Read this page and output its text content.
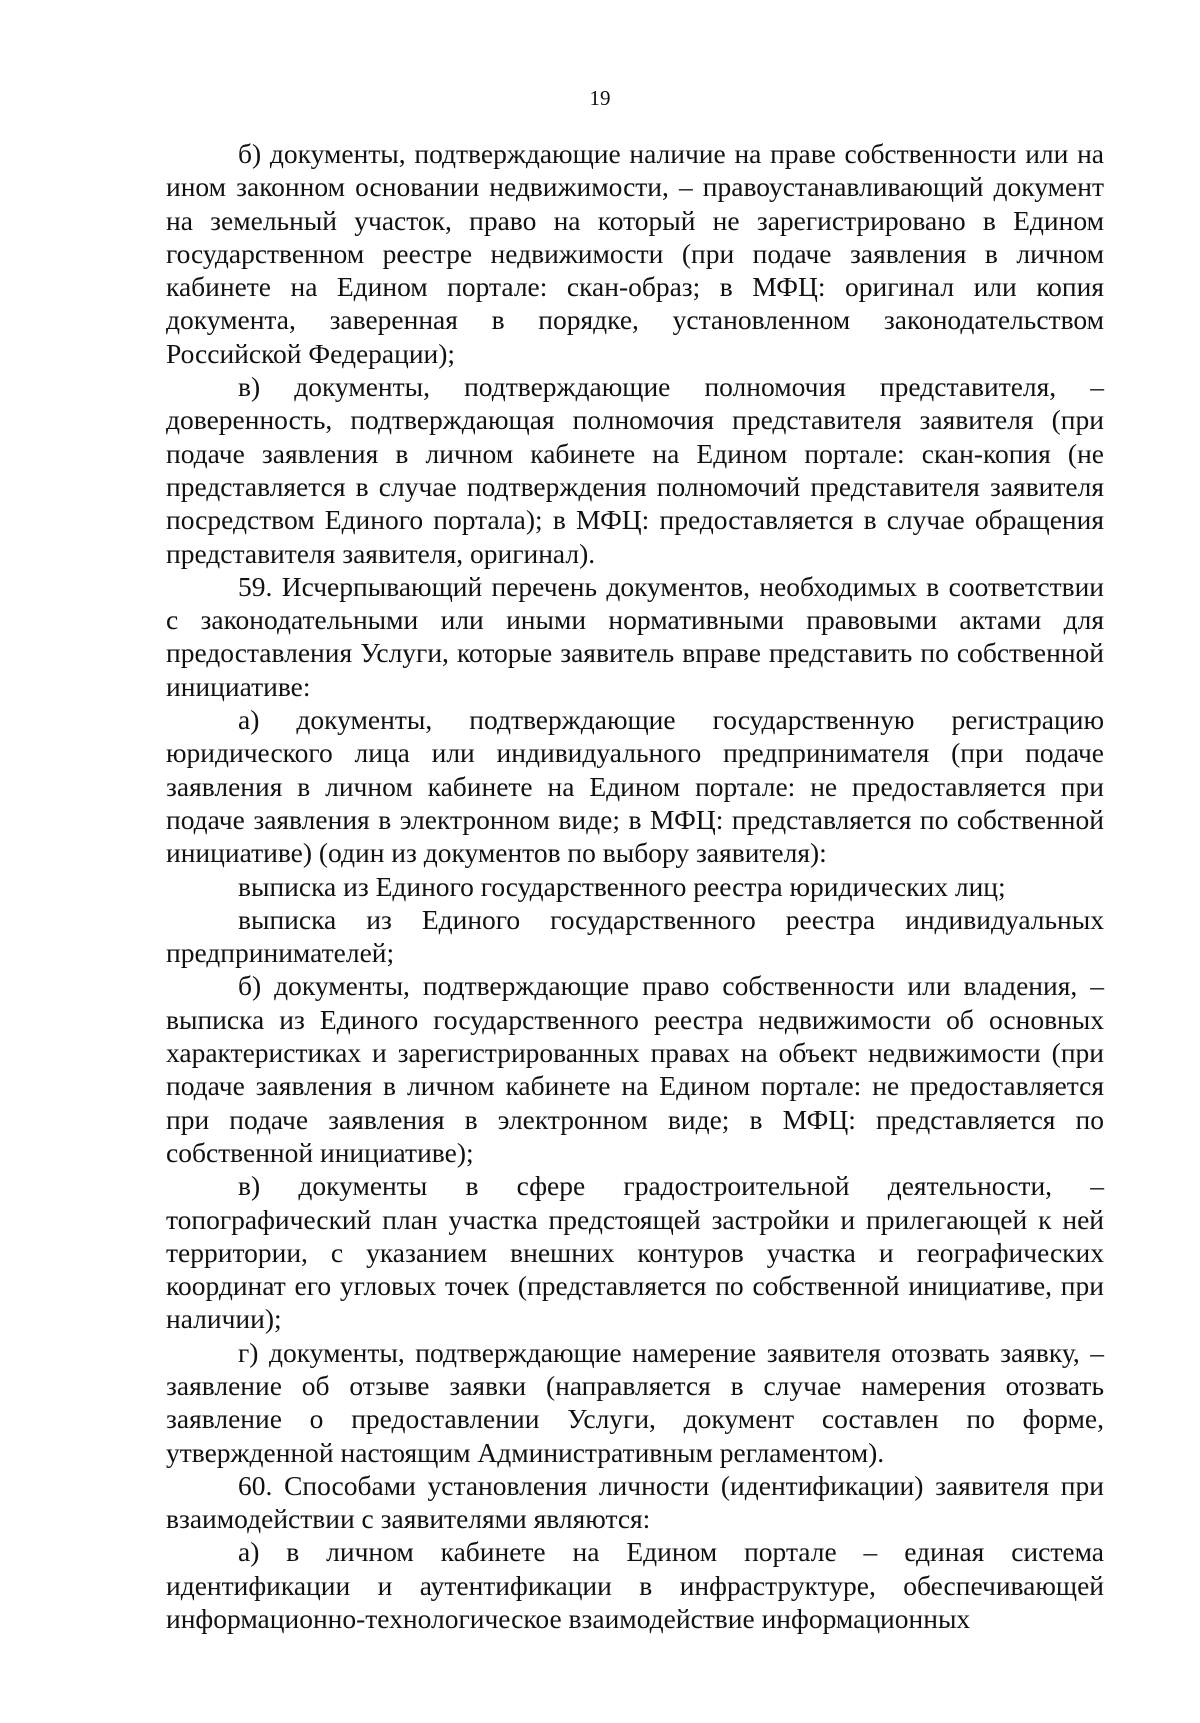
19

б) документы, подтверждающие наличие на праве собственности или на ином законном основании недвижимости, – правоустанавливающий документ на земельный участок, право на который не зарегистрировано в Едином государственном реестре недвижимости (при подаче заявления в личном кабинете на Едином портале: скан-образ; в МФЦ: оригинал или копия документа, заверенная в порядке, установленном законодательством Российской Федерации);

в) документы, подтверждающие полномочия представителя, – доверенность, подтверждающая полномочия представителя заявителя (при подаче заявления в личном кабинете на Едином портале: скан-копия (не представляется в случае подтверждения полномочий представителя заявителя посредством Единого портала); в МФЦ: предоставляется в случае обращения представителя заявителя, оригинал).

59. Исчерпывающий перечень документов, необходимых в соответствии с законодательными или иными нормативными правовыми актами для предоставления Услуги, которые заявитель вправе представить по собственной инициативе:

а) документы, подтверждающие государственную регистрацию юридического лица или индивидуального предпринимателя (при подаче заявления в личном кабинете на Едином портале: не предоставляется при подаче заявления в электронном виде; в МФЦ: представляется по собственной инициативе) (один из документов по выбору заявителя):

выписка из Единого государственного реестра юридических лиц;

выписка из Единого государственного реестра индивидуальных предпринимателей;

б) документы, подтверждающие право собственности или владения, – выписка из Единого государственного реестра недвижимости об основных характеристиках и зарегистрированных правах на объект недвижимости (при подаче заявления в личном кабинете на Едином портале: не предоставляется при подаче заявления в электронном виде; в МФЦ: представляется по собственной инициативе);

в) документы в сфере градостроительной деятельности, – топографический план участка предстоящей застройки и прилегающей к ней территории, с указанием внешних контуров участка и географических координат его угловых точек (представляется по собственной инициативе, при наличии);

г) документы, подтверждающие намерение заявителя отозвать заявку, – заявление об отзыве заявки (направляется в случае намерения отозвать заявление о предоставлении Услуги, документ составлен по форме, утвержденной настоящим Административным регламентом).

60. Способами установления личности (идентификации) заявителя при взаимодействии с заявителями являются:

а) в личном кабинете на Едином портале – единая система идентификации и аутентификации в инфраструктуре, обеспечивающей информационно-технологическое взаимодействие информационных
